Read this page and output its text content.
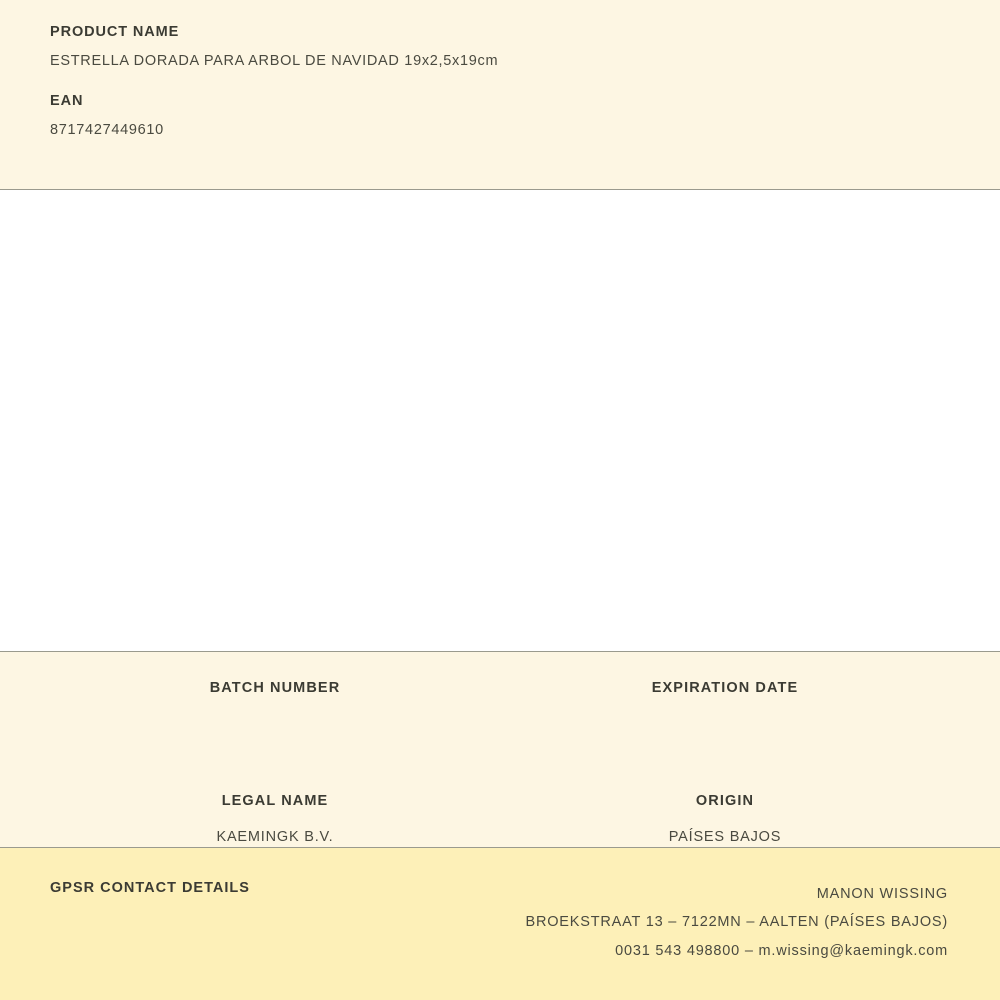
PRODUCT NAME

ESTRELLA DORADA PARA ARBOL DE NAVIDAD 19x2,5x19cm

EAN

8717427449610

BATCH NUMBER	EXPIRATION DATE

LEGAL NAME

KAEMINGK B.V.

ORIGIN

PAÍSES BAJOS

GPSR CONTACT DETAILS	MANON WISSING
BROEKSTRAAT 13 – 7122MN – AALTEN (PAÍSES BAJOS)
0031 543 498800 – m.wissing@kaemingk.com
